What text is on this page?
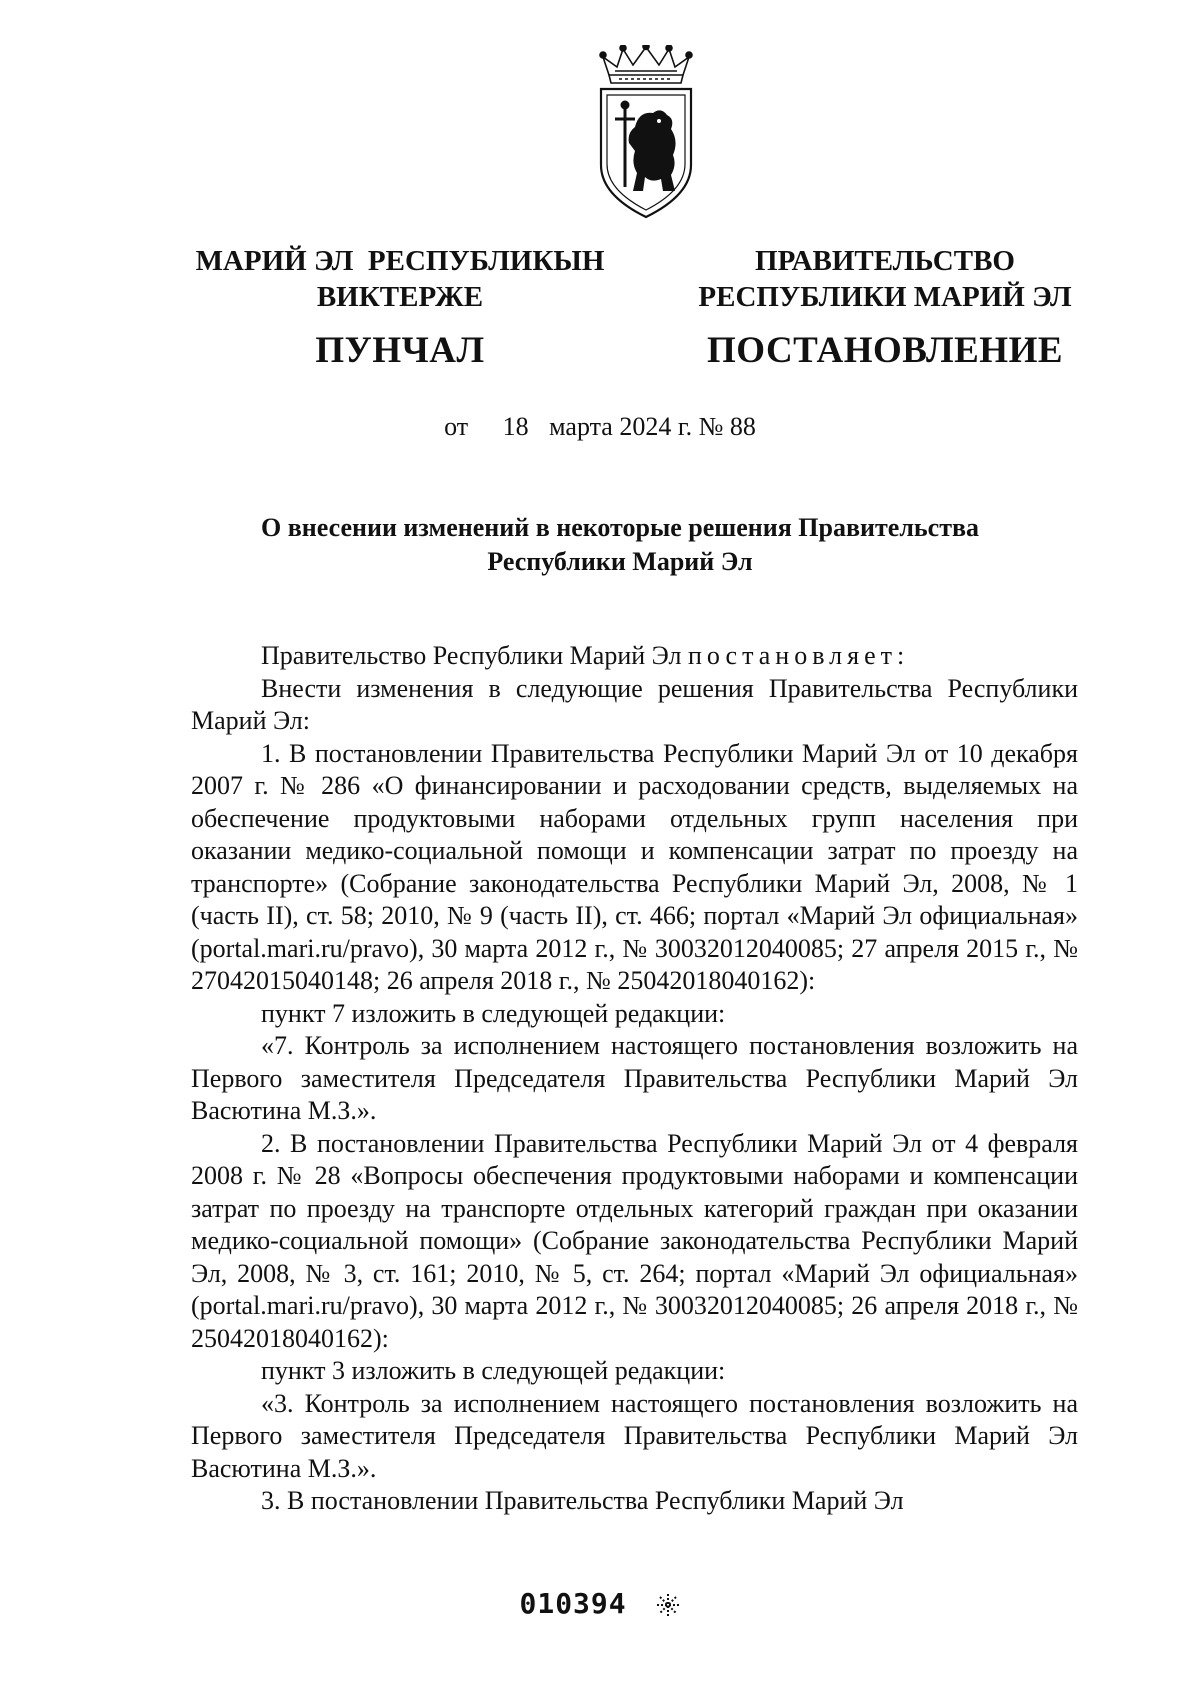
МАРИЙ ЭЛ  РЕСПУБЛИКЫН
ВИКТЕРЖЕ
ПУНЧАЛ
ПРАВИТЕЛЬСТВО
РЕСПУБЛИКИ МАРИЙ ЭЛ
ПОСТАНОВЛЕНИЕ
от 18 марта 2024 г. № 88
О внесении изменений в некоторые решения Правительства
Республики Марий Эл

Правительство Республики Марий Эл постановляет:

Внести изменения в следующие решения Правительства Республики Марий Эл:

1. В постановлении Правительства Республики Марий Эл от 10 декабря 2007 г. № 286 «О финансировании и расходовании средств, выделяемых на обеспечение продуктовыми наборами отдельных групп населения при оказании медико-социальной помощи и компенсации затрат по проезду на транспорте» (Собрание законодательства Республики Марий Эл, 2008, № 1 (часть II), ст. 58; 2010, № 9 (часть II), ст. 466; портал «Марий Эл официальная» (portal.mari.ru/pravo), 30 марта 2012 г., № 30032012040085; 27 апреля 2015 г., № 27042015040148; 26 апреля 2018 г., № 25042018040162):

пункт 7 изложить в следующей редакции:

«7. Контроль за исполнением настоящего постановления возложить на Первого заместителя Председателя Правительства Республики Марий Эл Васютина М.З.».

2. В постановлении Правительства Республики Марий Эл от 4 февраля 2008 г. № 28 «Вопросы обеспечения продуктовыми наборами и компенсации затрат по проезду на транспорте отдельных категорий граждан при оказании медико-социальной помощи» (Собрание законодательства Республики Марий Эл, 2008, № 3, ст. 161; 2010, № 5, ст. 264; портал «Марий Эл официальная» (portal.mari.ru/pravo), 30 марта 2012 г., № 30032012040085; 26 апреля 2018 г., № 25042018040162):

пункт 3 изложить в следующей редакции:

«3. Контроль за исполнением настоящего постановления возложить на Первого заместителя Председателя Правительства Республики Марий Эл Васютина М.З.».

3. В постановлении Правительства Республики Марий Эл

010394
